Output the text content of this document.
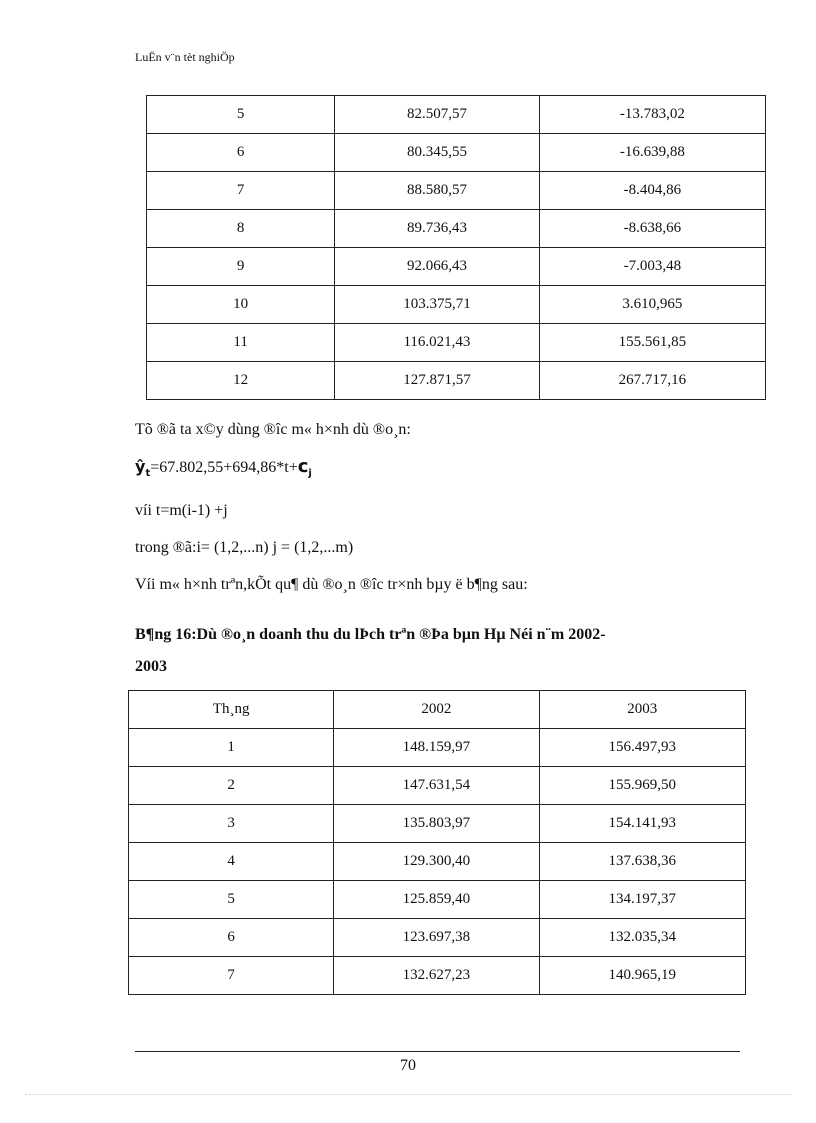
LuËn v¨n tèt nghiÖp
5	82.507,57	-13.783,02
6	80.345,55	-16.639,88
7	88.580,57	-8.404,86
8	89.736,43	-8.638,66
9	92.066,43	-7.003,48
10	103.375,71	3.610,965
11	116.021,43	155.561,85
12	127.871,57	267.717,16
Tõ ®ã ta x©y dùng ®îc m« h×nh dù ®o¸n:
$ŷ_t=67.802,55+694,86*t+c_j$
víi t=m(i-1) +j
trong ®ã:i= (1,2,...n) j = (1,2,...m)
Víi m« h×nh trªn,kÕt qu¶ dù ®o¸n ®îc tr×nh bµy ë b¶ng sau:
B¶ng 16:Dù ®o¸n doanh thu du lÞch trªn ®Þa bµn Hµ Néi n¨m 2002-
2003
Th¸ng	2002	2003
1	148.159,97	156.497,93
2	147.631,54	155.969,50
3	135.803,97	154.141,93
4	129.300,40	137.638,36
5	125.859,40	134.197,37
6	123.697,38	132.035,34
7	132.627,23	140.965,19
70
